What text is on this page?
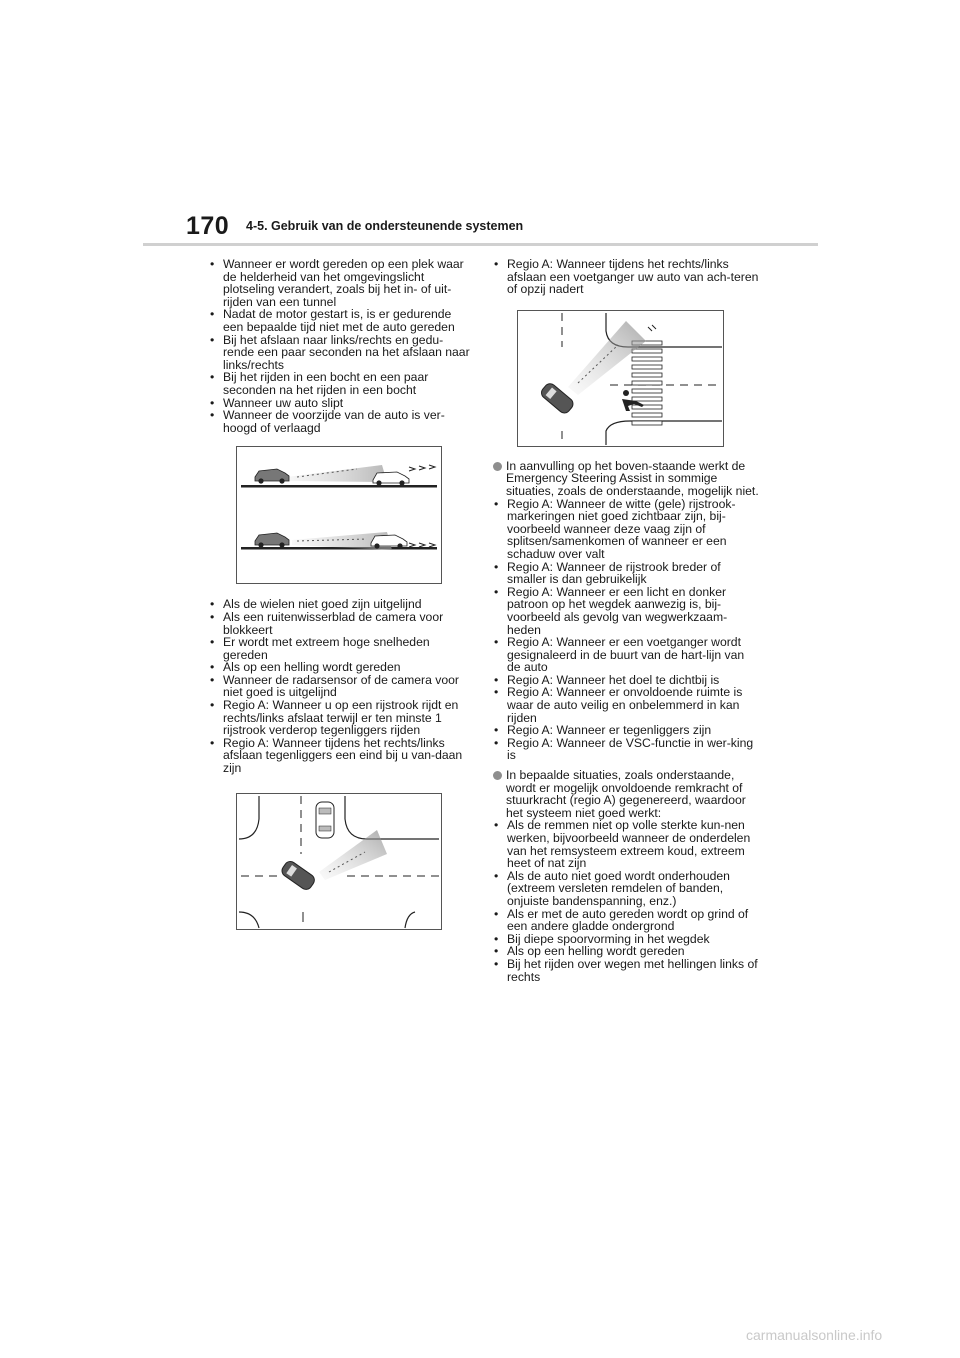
170 4-5. Gebruik van de ondersteunende systemen
• Wanneer er wordt gereden op een plek waar de helderheid van het omgevingslicht plotseling verandert, zoals bij het in- of uit-rijden van een tunnel
• Nadat de motor gestart is, is er gedurende een bepaalde tijd niet met de auto gereden
• Bij het afslaan naar links/rechts en gedu-rende een paar seconden na het afslaan naar links/rechts
• Bij het rijden in een bocht en een paar seconden na het rijden in een bocht
• Wanneer uw auto slipt
• Wanneer de voorzijde van de auto is ver-hoogd of verlaagd
• Als de wielen niet goed zijn uitgelijnd
• Als een ruitenwisserblad de camera voor blokkeert
• Er wordt met extreem hoge snelheden gereden
• Als op een helling wordt gereden
• Wanneer de radarsensor of de camera voor niet goed is uitgelijnd
• Regio A: Wanneer u op een rijstrook rijdt en rechts/links afslaat terwijl er ten minste 1 rijstrook verderop tegenliggers rijden
• Regio A: Wanneer tijdens het rechts/links afslaan tegenliggers een eind bij u van-daan zijn
• Regio A: Wanneer tijdens het rechts/links afslaan een voetganger uw auto van ach-teren of opzij nadert
In aanvulling op het boven-staande werkt de Emergency Steering Assist in sommige situaties, zoals de onderstaande, mogelijk niet.
• Regio A: Wanneer de witte (gele) rijstrook-markeringen niet goed zichtbaar zijn, bij-voorbeeld wanneer deze vaag zijn of splitsen/samenkomen of wanneer er een schaduw over valt
• Regio A: Wanneer de rijstrook breder of smaller is dan gebruikelijk
• Regio A: Wanneer er een licht en donker patroon op het wegdek aanwezig is, bij-voorbeeld als gevolg van wegwerkzaam-heden
• Regio A: Wanneer er een voetganger wordt gesignaleerd in de buurt van de hart-lijn van de auto
• Regio A: Wanneer het doel te dichtbij is
• Regio A: Wanneer er onvoldoende ruimte is waar de auto veilig en onbelemmerd in kan rijden
• Regio A: Wanneer er tegenliggers zijn
• Regio A: Wanneer de VSC-functie in wer-king is
In bepaalde situaties, zoals onderstaande, wordt er mogelijk onvoldoende remkracht of stuurkracht (regio A) gegenereerd, waardoor het systeem niet goed werkt:
• Als de remmen niet op volle sterkte kun-nen werken, bijvoorbeeld wanneer de onderdelen van het remsysteem extreem koud, extreem heet of nat zijn
• Als de auto niet goed wordt onderhouden (extreem versleten remdelen of banden, onjuiste bandenspanning, enz.)
• Als er met de auto gereden wordt op grind of een andere gladde ondergrond
• Bij diepe spoorvorming in het wegdek
• Als op een helling wordt gereden
• Bij het rijden over wegen met hellingen links of rechts
carmanualsonline.info
